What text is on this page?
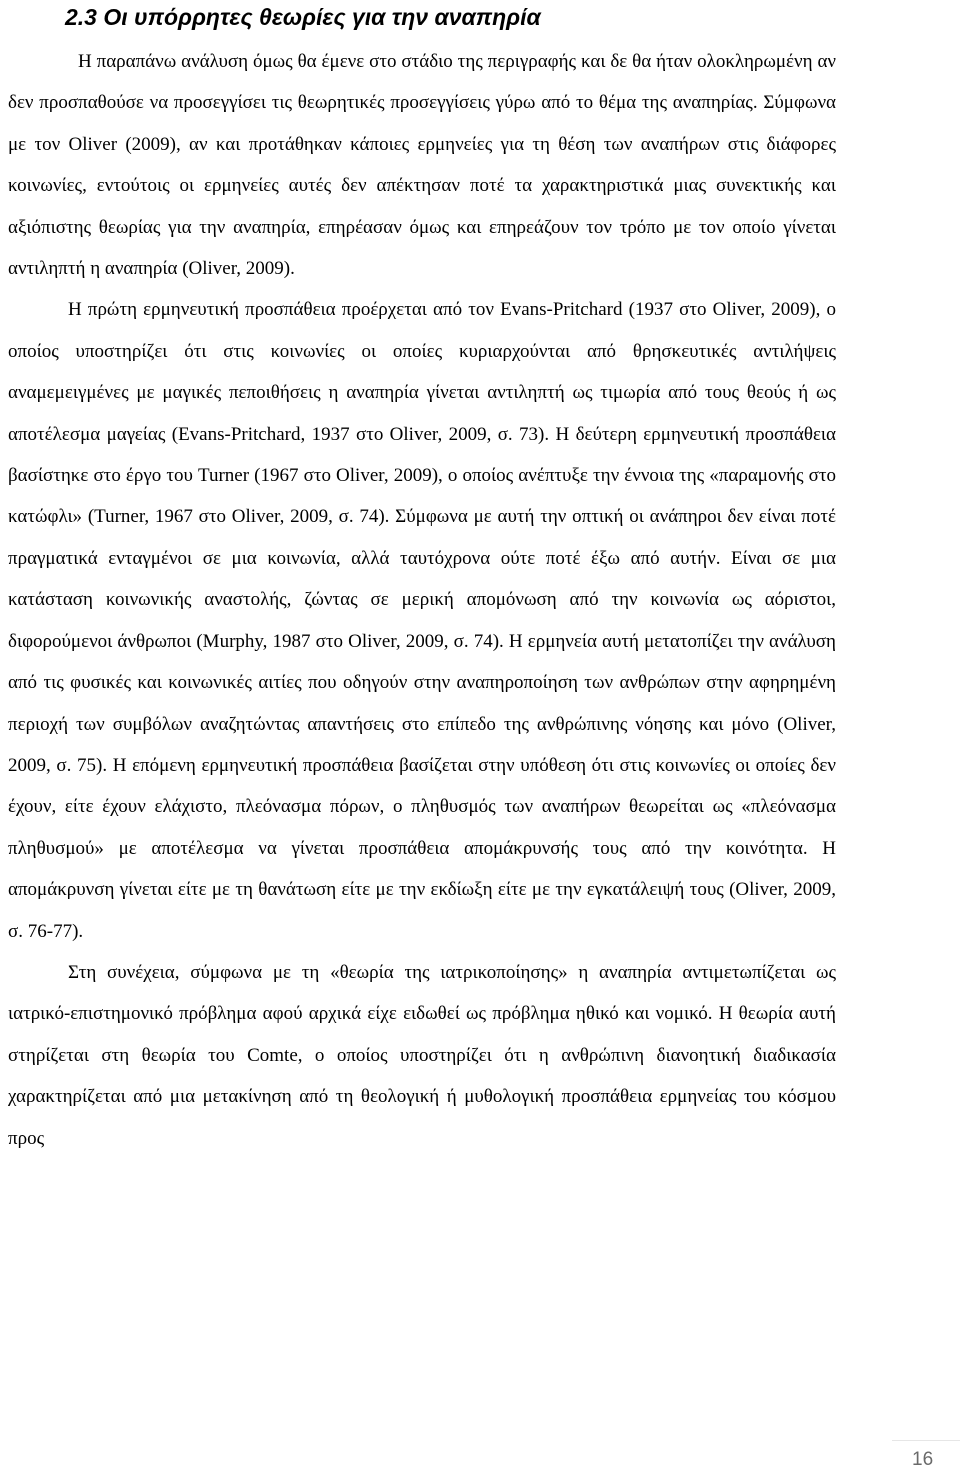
2.3 Οι υπόρρητες θεωρίες για την αναπηρία

Η παραπάνω ανάλυση όμως θα έμενε στο στάδιο της περιγραφής και δε θα ήταν ολοκληρωμένη αν δεν προσπαθούσε να προσεγγίσει τις θεωρητικές προσεγγίσεις γύρω από το θέμα της αναπηρίας. Σύμφωνα με τον Oliver (2009), αν και προτάθηκαν κάποιες ερμηνείες για τη θέση των αναπήρων στις διάφορες κοινωνίες, εντούτοις οι ερμηνείες αυτές δεν απέκτησαν ποτέ τα χαρακτηριστικά μιας συνεκτικής και αξιόπιστης θεωρίας για την αναπηρία, επηρέασαν όμως και επηρεάζουν τον τρόπο με τον οποίο γίνεται αντιληπτή η αναπηρία (Oliver, 2009).

Η πρώτη ερμηνευτική προσπάθεια προέρχεται από τον Evans-Pritchard (1937 στο Oliver, 2009), ο οποίος υποστηρίζει ότι στις κοινωνίες οι οποίες κυριαρχούνται από θρησκευτικές αντιλήψεις αναμεμειγμένες με μαγικές πεποιθήσεις η αναπηρία γίνεται αντιληπτή ως τιμωρία από τους θεούς ή ως αποτέλεσμα μαγείας (Evans-Pritchard, 1937 στο Oliver, 2009, σ. 73). Η δεύτερη ερμηνευτική προσπάθεια βασίστηκε στο έργο του Turner (1967 στο Oliver, 2009), ο οποίος ανέπτυξε την έννοια της «παραμονής στο κατώφλι» (Turner, 1967 στο Oliver, 2009, σ. 74). Σύμφωνα με αυτή την οπτική οι ανάπηροι δεν είναι ποτέ πραγματικά ενταγμένοι σε μια κοινωνία, αλλά ταυτόχρονα ούτε ποτέ έξω από αυτήν. Είναι σε μια κατάσταση κοινωνικής αναστολής, ζώντας σε μερική απομόνωση από την κοινωνία ως αόριστοι, διφορούμενοι άνθρωποι (Murphy, 1987 στο Oliver, 2009, σ. 74). Η ερμηνεία αυτή μετατοπίζει την ανάλυση από τις φυσικές και κοινωνικές αιτίες που οδηγούν στην αναπηροποίηση των ανθρώπων στην αφηρημένη περιοχή των συμβόλων αναζητώντας απαντήσεις στο επίπεδο της ανθρώπινης νόησης και μόνο (Oliver, 2009, σ. 75). Η επόμενη ερμηνευτική προσπάθεια βασίζεται στην υπόθεση ότι στις κοινωνίες οι οποίες δεν έχουν, είτε έχουν ελάχιστο, πλεόνασμα πόρων, ο πληθυσμός των αναπήρων θεωρείται ως «πλεόνασμα πληθυσμού» με αποτέλεσμα να γίνεται προσπάθεια απομάκρυνσής τους από την κοινότητα. Η απομάκρυνση γίνεται είτε με τη θανάτωση είτε με την εκδίωξη είτε με την εγκατάλειψή τους (Oliver, 2009, σ. 76-77).

Στη συνέχεια, σύμφωνα με τη «θεωρία της ιατρικοποίησης» η αναπηρία αντιμετωπίζεται ως ιατρικό-επιστημονικό πρόβλημα αφού αρχικά είχε ειδωθεί ως πρόβλημα ηθικό και νομικό. Η θεωρία αυτή στηρίζεται στη θεωρία του Comte, ο οποίος υποστηρίζει ότι η ανθρώπινη διανοητική διαδικασία χαρακτηρίζεται από μια μετακίνηση από τη θεολογική ή μυθολογική προσπάθεια ερμηνείας του κόσμου προς

16
